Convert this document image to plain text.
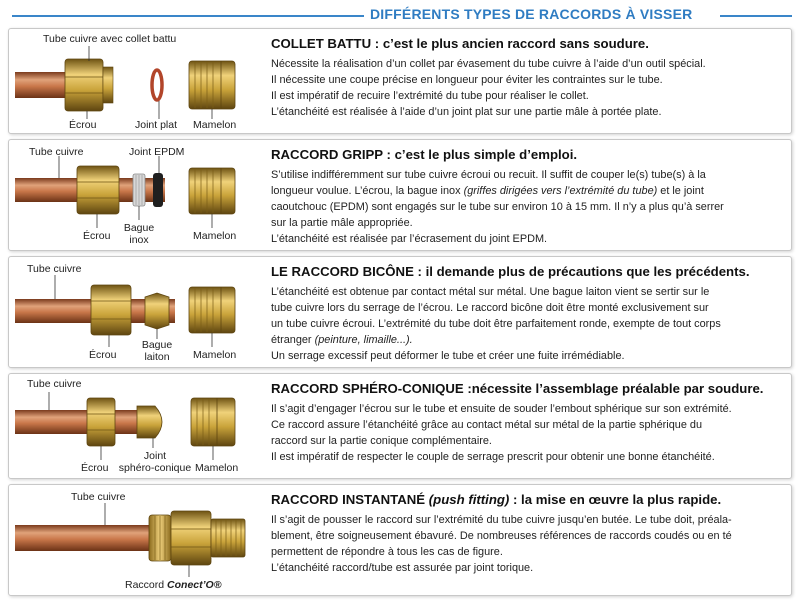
DIFFÉRENTS TYPES DE RACCORDS À VISSER
Tube cuivre avec collet battu
Écrou	Joint plat Mamelon
COLLET BATTU : c’est le plus ancien raccord sans soudure.

Nécessite la réalisation d’un collet par évasement du tube cuivre à l’aide d’un outil spécial.

Il nécessite une coupe précise en longueur pour éviter les contraintes sur le tube.

Il est impératif de recuire l’extrémité du tube pour réaliser le collet.

L’étanchéité est réalisée à l’aide d’un joint plat sur une partie mâle à portée plate.

Tube cuivre	Joint EPDM
Écrou
Bague
inox	Mamelon
RACCORD GRIPP : c’est le plus simple d’emploi.

S’utilise indifféremment sur tube cuivre écroui ou recuit. Il suffit de couper le(s) tube(s) à la

longueur voulue. L’écrou, la bague inox (griffes dirigées vers l’extrémité du tube) et le joint

caoutchouc (EPDM) sont engagés sur le tube sur environ 10 à 15 mm. Il n’y a plus qu’à serrer

sur la partie mâle appropriée.

L’étanchéité est réalisée par l’écrasement du joint EPDM.

Tube cuivre
Écrou
Bague
laiton	Mamelon
LE RACCORD BICÔNE : il demande plus de précautions que les précédents.

L’étanchéité est obtenue par contact métal sur métal. Une bague laiton vient se sertir sur le

tube cuivre lors du serrage de l’écrou. Le raccord bicône doit être monté exclusivement sur

un tube cuivre écroui. L’extrémité du tube doit être parfaitement ronde, exempte de tout corps

étranger (peinture, limaille...).

Un serrage excessif peut déformer le tube et créer une fuite irrémédiable.

Tube cuivre
Écrou
Joint
sphéro-conique Mamelon
RACCORD SPHÉRO-CONIQUE :nécessite l’assemblage préalable par soudure.

Il s’agit d’engager l’écrou sur le tube et ensuite de souder l’embout sphérique sur son extrémité.

Ce raccord assure l’étanchéité grâce au contact métal sur métal de la partie sphérique du

raccord sur la partie conique complémentaire.

Il est impératif de respecter le couple de serrage prescrit pour obtenir une bonne étanchéité.

Tube cuivre
Raccord Conect’O®
RACCORD INSTANTANÉ (push fitting) : la mise en œuvre la plus rapide.

Il s’agit de pousser le raccord sur l’extrémité du tube cuivre jusqu’en butée. Le tube doit, préala-

blement, être soigneusement ébavuré. De nombreuses références de raccords coudés ou en té

permettent de répondre à tous les cas de figure.

L’étanchéité raccord/tube est assurée par joint torique.
